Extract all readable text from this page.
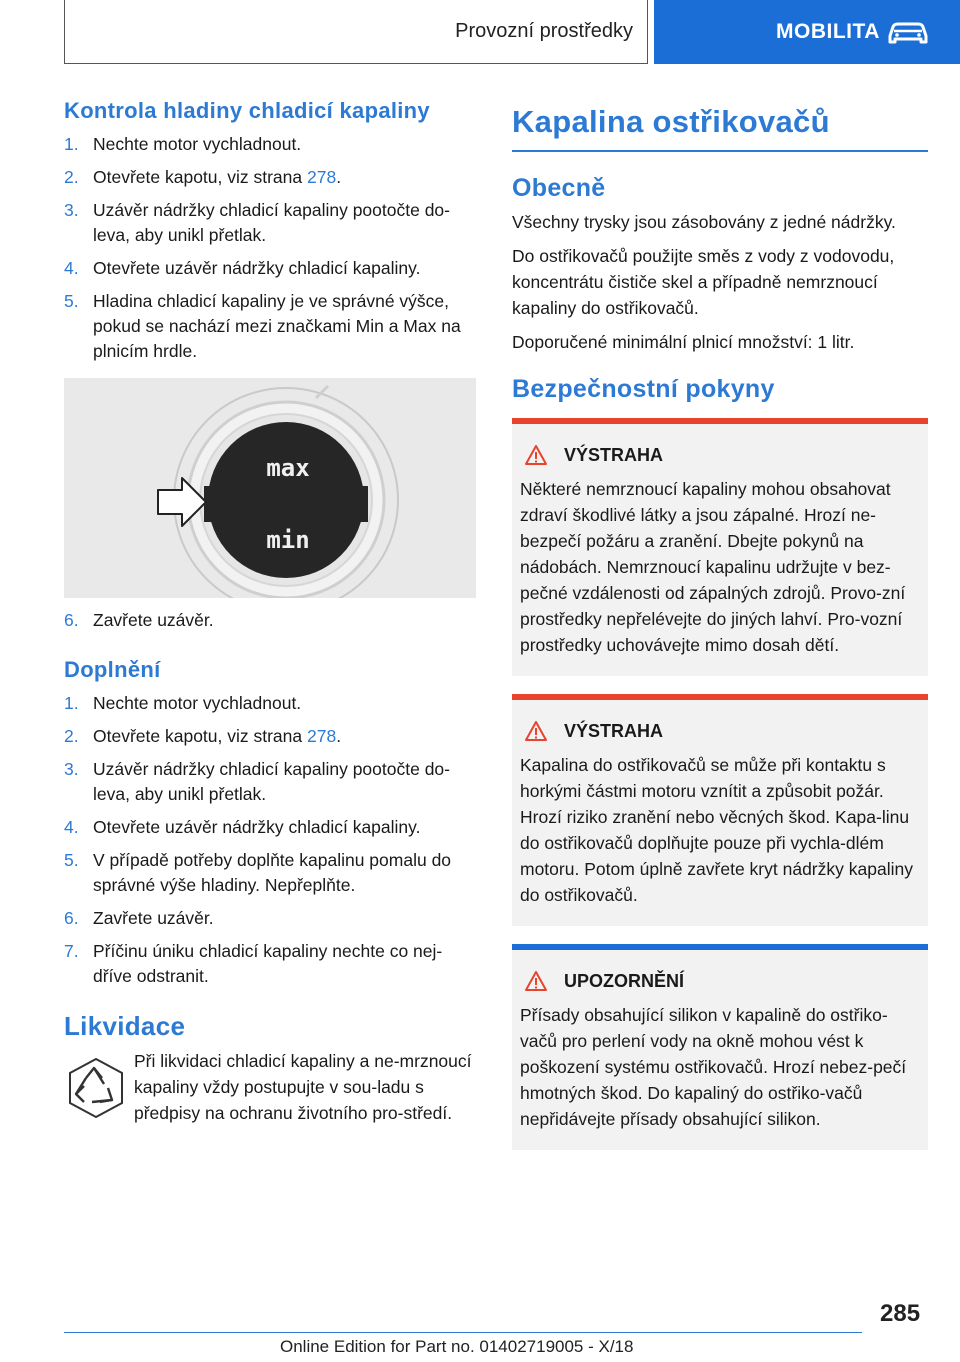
Provozní prostředky	MOBILITA
Kontrola hladiny chladicí kapaliny
1. Nechte motor vychladnout.
2. Otevřete kapotu, viz strana 278.
3. Uzávěr nádržky chladicí kapaliny pootočte do-leva, aby unikl přetlak.
4. Otevřete uzávěr nádržky chladicí kapaliny.
5. Hladina chladicí kapaliny je ve správné výšce, pokud se nachází mezi značkami Min a Max na plnicím hrdle.
max
min
6. Zavřete uzávěr.
Doplnění
1. Nechte motor vychladnout.
2. Otevřete kapotu, viz strana 278.
3. Uzávěr nádržky chladicí kapaliny pootočte do-leva, aby unikl přetlak.
4. Otevřete uzávěr nádržky chladicí kapaliny.
5. V případě potřeby doplňte kapalinu pomalu do správné výše hladiny. Nepřeplňte.
6. Zavřete uzávěr.
7. Příčinu úniku chladicí kapaliny nechte co nej-dříve odstranit.
Likvidace
Při likvidaci chladicí kapaliny a ne-mrznoucí kapaliny vždy postupujte v sou-ladu s předpisy na ochranu životního pro-středí.
Kapalina ostřikovačů
Obecně

Všechny trysky jsou zásobovány z jedné nádržky.

Do ostřikovačů použijte směs z vody z vodovodu, koncentrátu čističe skel a případně nemrznoucí kapaliny do ostřikovačů.

Doporučené minimální plnicí množství: 1 litr.

Bezpečnostní pokyny
VÝSTRAHA

Některé nemrznoucí kapaliny mohou obsahovat zdraví škodlivé látky a jsou zápalné. Hrozí ne-bezpečí požáru a zranění. Dbejte pokynů na nádobách. Nemrznoucí kapalinu udržujte v bez-pečné vzdálenosti od zápalných zdrojů. Provo-zní prostředky nepřelévejte do jiných lahví. Pro-vozní prostředky uchovávejte mimo dosah dětí.

VÝSTRAHA

Kapalina do ostřikovačů se může při kontaktu s horkými částmi motoru vznítit a způsobit požár. Hrozí riziko zranění nebo věcných škod. Kapa-linu do ostřikovačů doplňujte pouze při vychla-dlém motoru. Potom úplně zavřete kryt nádržky kapaliny do ostřikovačů.

UPOZORNĚNÍ

Přísady obsahující silikon v kapalině do ostřiko-vačů pro perlení vody na okně mohou vést k poškození systému ostřikovačů. Hrozí nebez-pečí hmotných škod. Do kapaliný do ostřiko-vačů nepřidávejte přísady obsahující silikon.

285
Online Edition for Part no. 01402719005 - X/18
